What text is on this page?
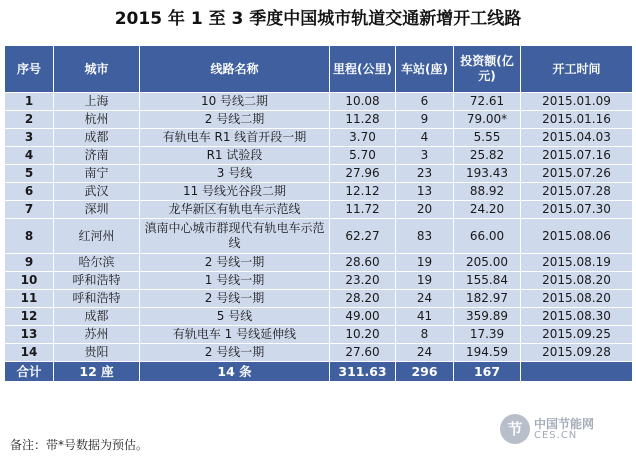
2015 年 1 至 3 季度中国城市轨道交通新增开工线路
序号	城市	线路名称	里程(公里)	车站(座)	投资额(亿元)	开工时间
1	上海	10 号线二期	10.08	6	72.61	2015.01.09
2	杭州	2 号线二期	11.28	9	79.00*	2015.01.16
3	成都	有轨电车 R1 线首开段一期	3.70	4	5.55	2015.04.03
4	济南	R1 试验段	5.70	3	25.82	2015.07.16
5	南宁	3 号线	27.96	23	193.43	2015.07.26
6	武汉	11 号线光谷段二期	12.12	13	88.92	2015.07.28
7	深圳	龙华新区有轨电车示范线	11.72	20	24.20	2015.07.30
8	红河州	滇南中心城市群现代有轨电车示范线	62.27	83	66.00	2015.08.06
9	哈尔滨	2 号线一期	28.60	19	205.00	2015.08.19
10	呼和浩特	1 号线一期	23.20	19	155.84	2015.08.20
11	呼和浩特	2 号线一期	28.20	24	182.97	2015.08.20
12	成都	5 号线	49.00	41	359.89	2015.08.30
13	苏州	有轨电车 1 号线延伸线	10.20	8	17.39	2015.09.25
14	贵阳	2 号线一期	27.60	24	194.59	2015.09.28
合计	12 座	14 条	311.63	296	167	
备注：带*号数据为预估。
节 中国节能网
CES.CN
